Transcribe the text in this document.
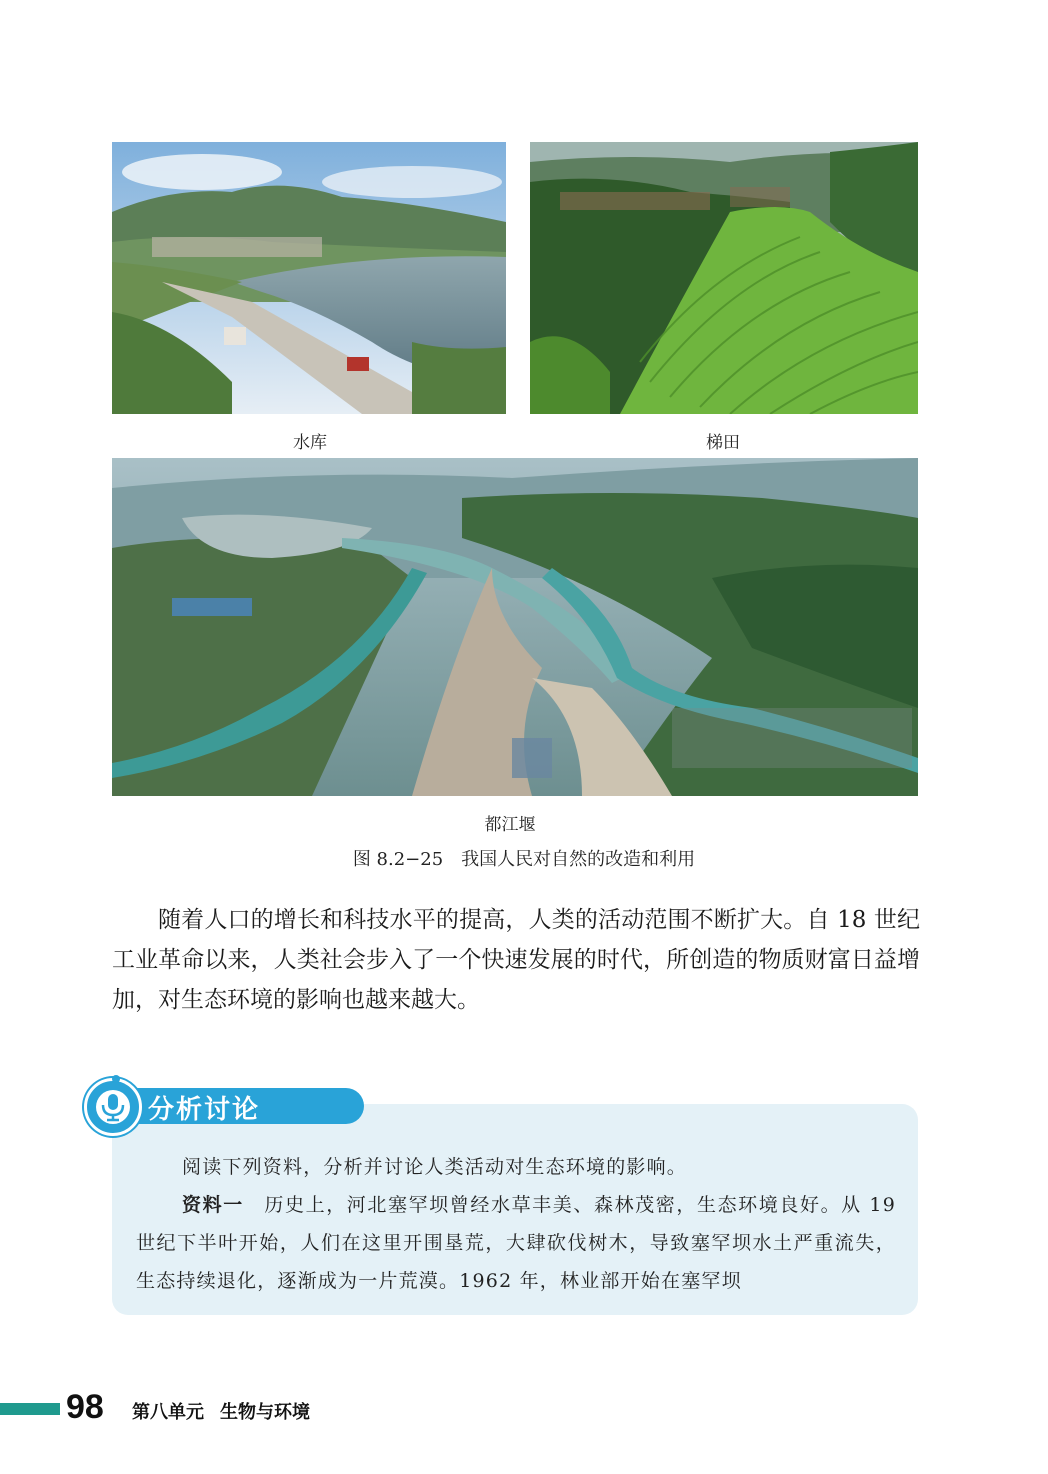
水库	梯田
都江堰
图 8.2−25　我国人民对自然的改造和利用

随着人口的增长和科技水平的提高，人类的活动范围不断扩大。自 18 世纪工业革命以来，人类社会步入了一个快速发展的时代，所创造的物质财富日益增加，对生态环境的影响也越来越大。

分析讨论

阅读下列资料，分析并讨论人类活动对生态环境的影响。

资料一　历史上，河北塞罕坝曾经水草丰美、森林茂密，生态环境良好。从 19 世纪下半叶开始，人们在这里开围垦荒，大肆砍伐树木，导致塞罕坝水土严重流失，生态持续退化，逐渐成为一片荒漠。1962 年，林业部开始在塞罕坝

98 第八单元 生物与环境
